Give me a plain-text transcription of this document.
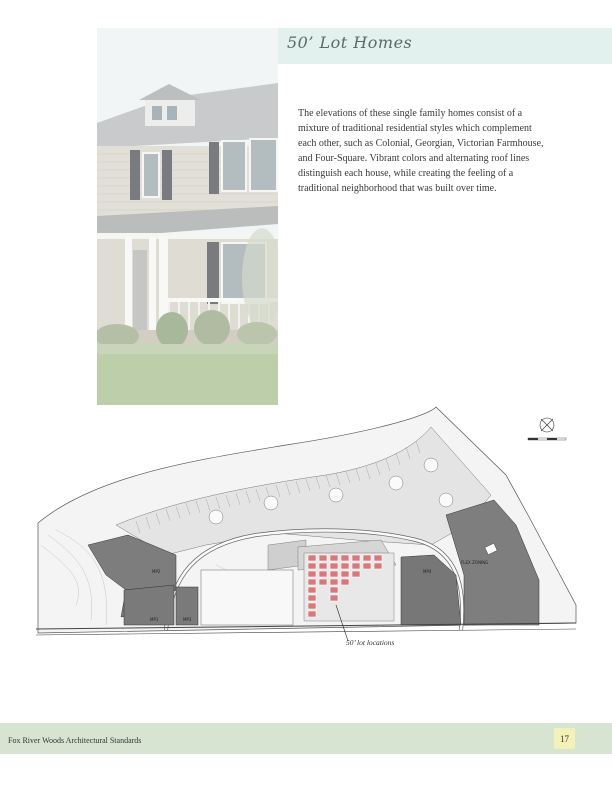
50’ Lot Homes

The elevations of these single family homes consist of a mixture of traditional residential styles which complement each other, such as Colonial, Georgian, Victorian Farmhouse, and Four-Square. Vibrant colors and alternating roof lines distinguish each house, while creating the feeling of a traditional neighborhood that was built over time.

MP2
MP1	MP3
MP4
FLEX ZONING
50’ lot locations
Fox River Woods Architectural Standards	17
